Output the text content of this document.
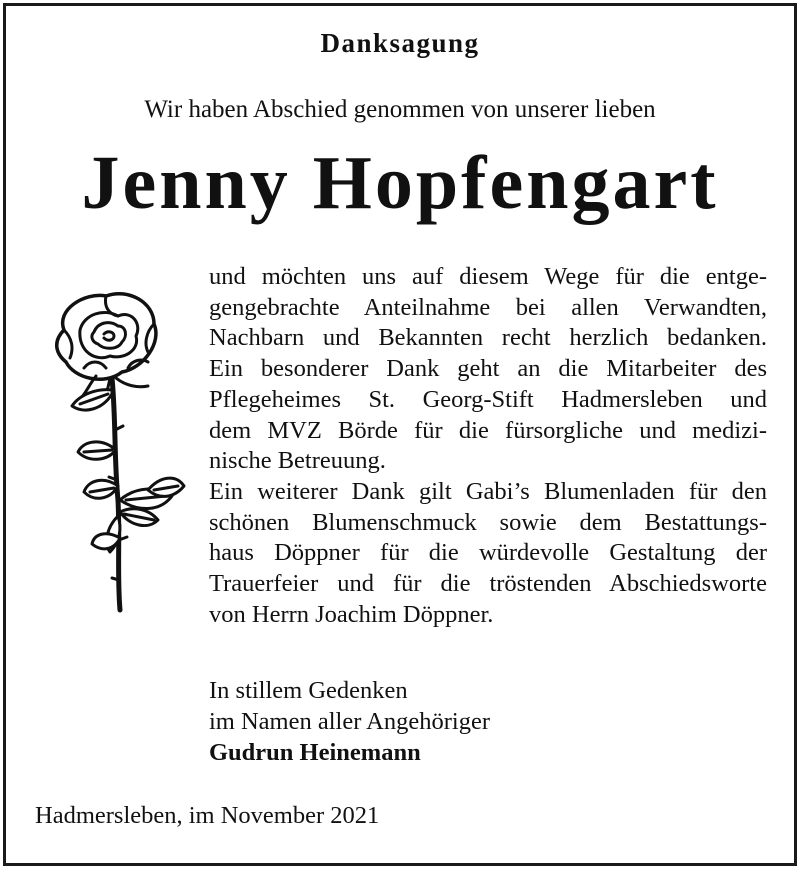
Danksagung
Wir haben Abschied genommen von unserer lieben
Jenny Hopfengart
und möchten uns auf diesem Wege für die entge-
gengebrachte Anteilnahme bei allen Verwandten,
Nachbarn und Bekannten recht herzlich bedanken.
Ein besonderer Dank geht an die Mitarbeiter des
Pflegeheimes St. Georg-Stift Hadmersleben und
dem MVZ Börde für die fürsorgliche und medizi-
nische Betreuung.
Ein weiterer Dank gilt Gabi’s Blumenladen für den
schönen Blumenschmuck sowie dem Bestattungs-
haus Döppner für die würdevolle Gestaltung der
Trauerfeier und für die tröstenden Abschiedsworte
von Herrn Joachim Döppner.
In stillem Gedenken
im Namen aller Angehöriger
Gudrun Heinemann
Hadmersleben, im November 2021
